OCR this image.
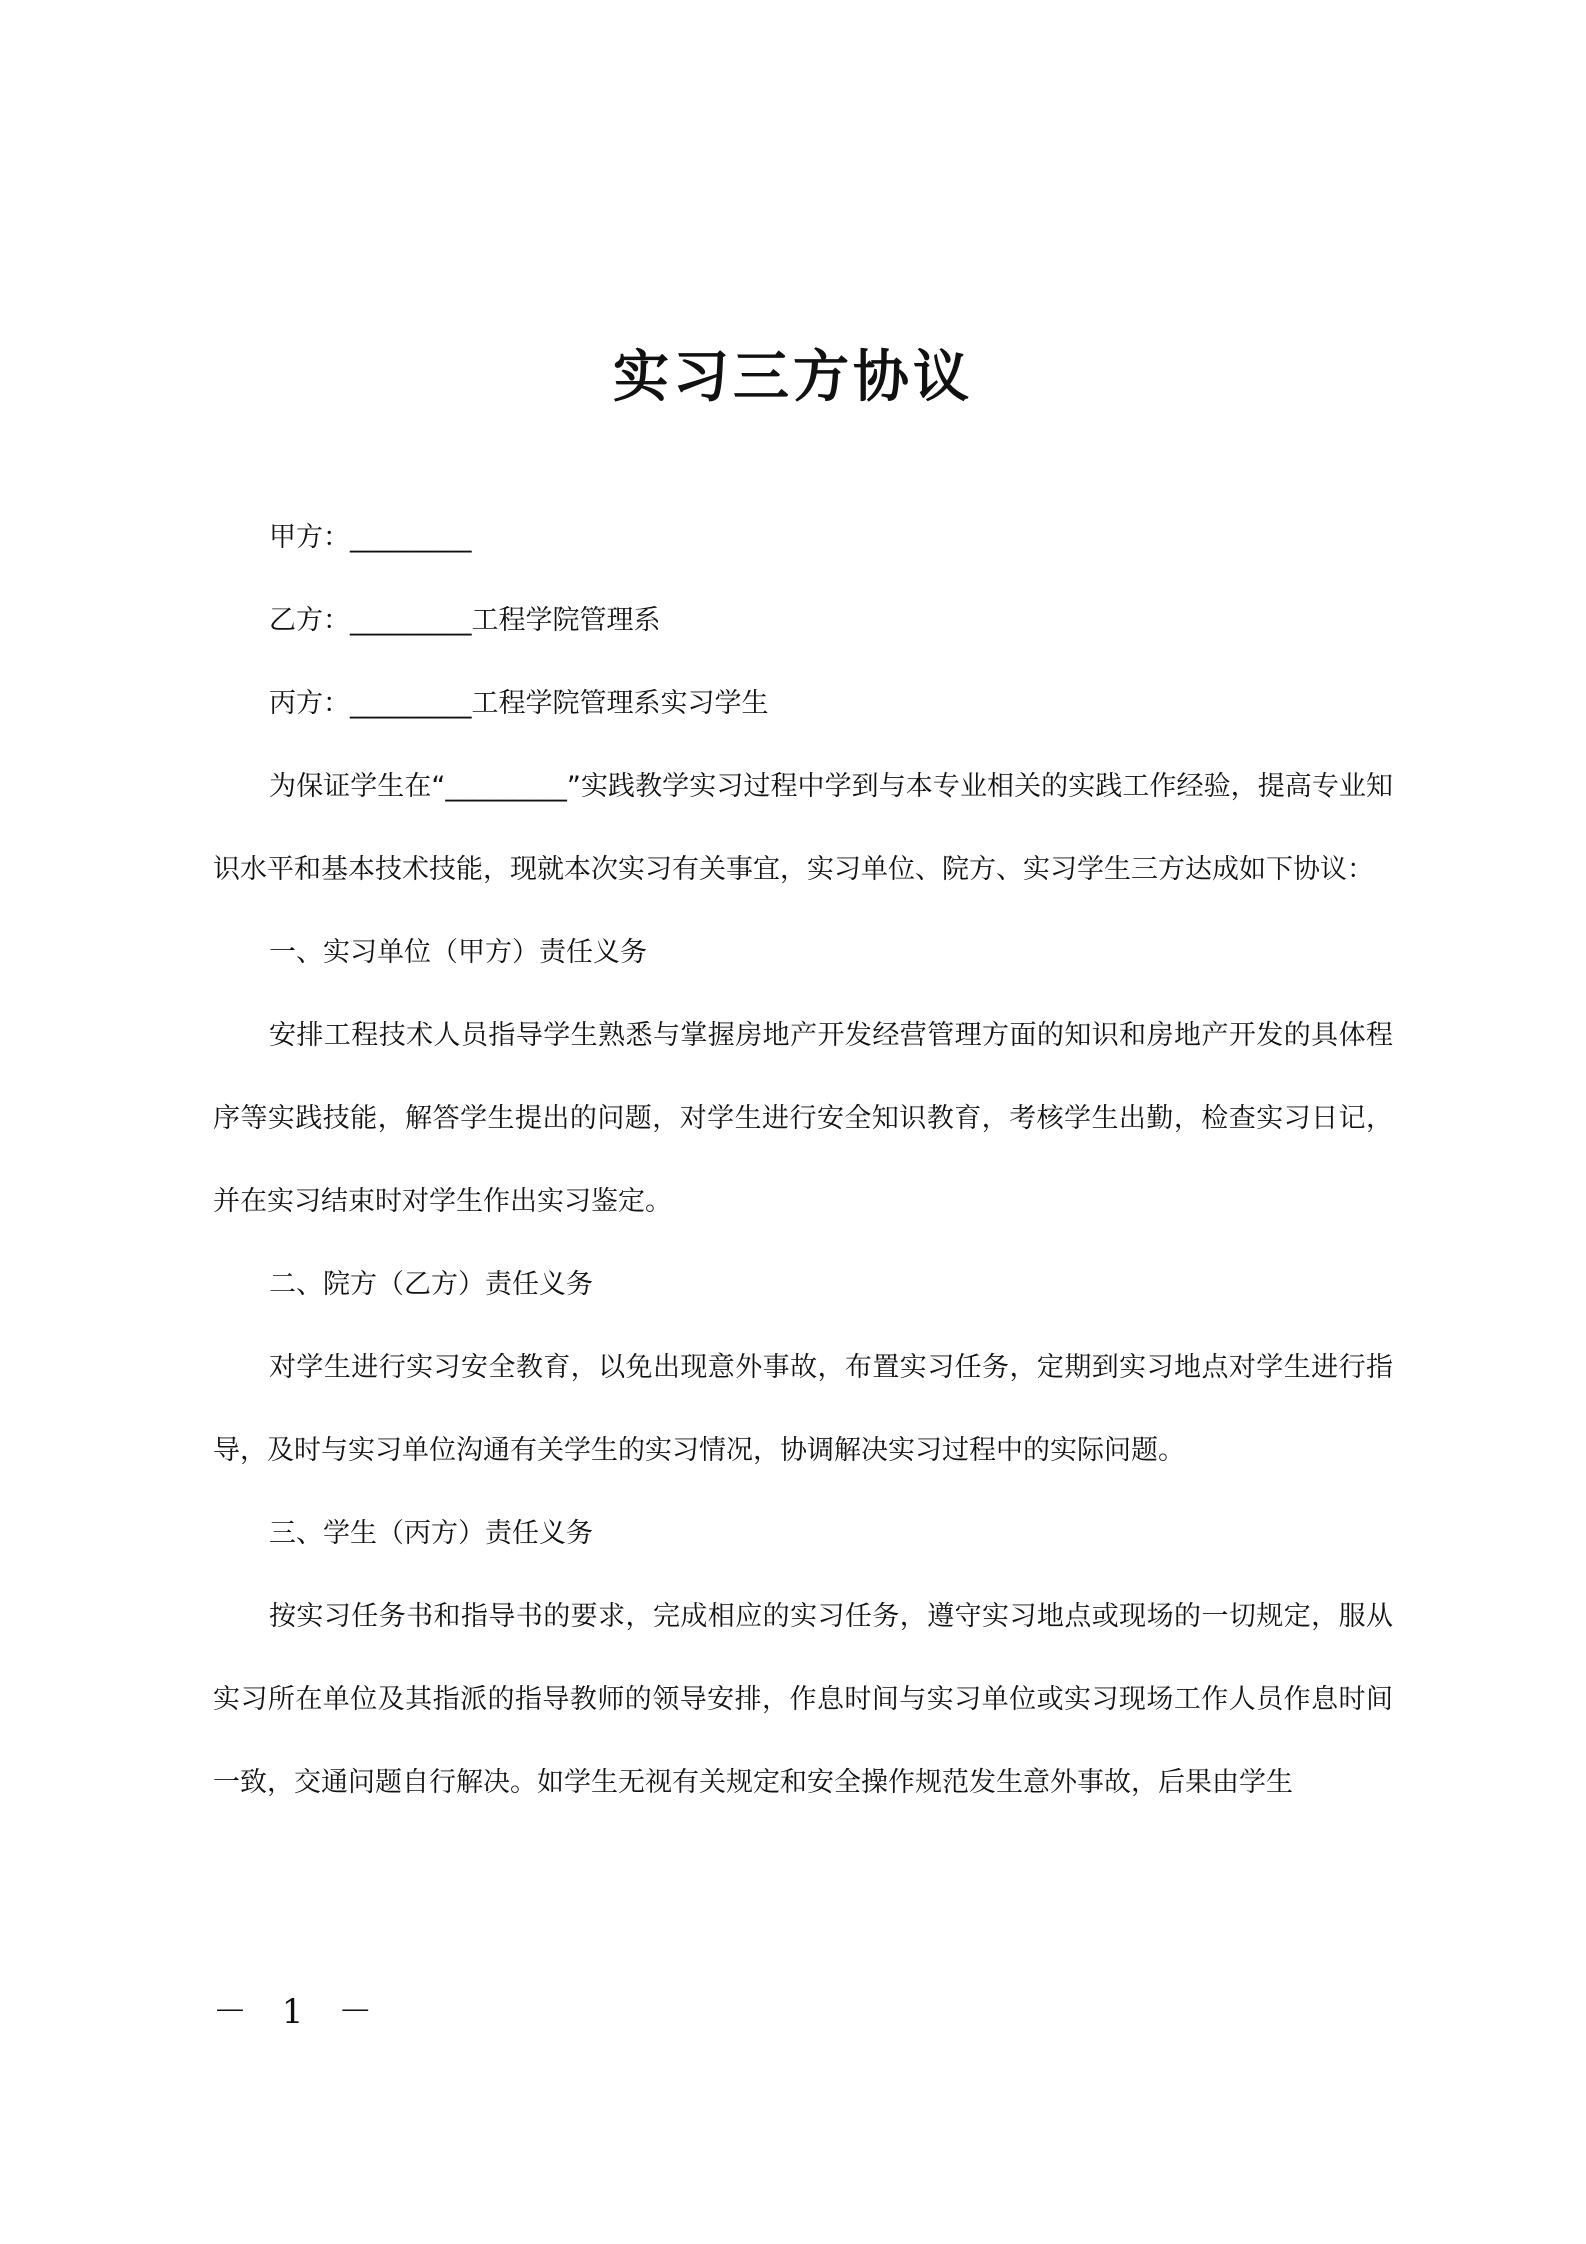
实习三方协议

甲方：_________

乙方：_________工程学院管理系

丙方：_________工程学院管理系实习学生

为保证学生在“_________”实践教学实习过程中学到与本专业相关的实践工作经验，提高专业知识水平和基本技术技能，现就本次实习有关事宜，实习单位、院方、实习学生三方达成如下协议：

一、实习单位（甲方）责任义务

安排工程技术人员指导学生熟悉与掌握房地产开发经营管理方面的知识和房地产开发的具体程序等实践技能，解答学生提出的问题，对学生进行安全知识教育，考核学生出勤，检查实习日记，并在实习结束时对学生作出实习鉴定。

二、院方（乙方）责任义务

对学生进行实习安全教育，以免出现意外事故，布置实习任务，定期到实习地点对学生进行指导，及时与实习单位沟通有关学生的实习情况，协调解决实习过程中的实际问题。

三、学生（丙方）责任义务

按实习任务书和指导书的要求，完成相应的实习任务，遵守实习地点或现场的一切规定，服从实习所在单位及其指派的指导教师的领导安排，作息时间与实习单位或实习现场工作人员作息时间一致，交通问题自行解决。如学生无视有关规定和安全操作规范发生意外事故，后果由学生

－ 1 －
